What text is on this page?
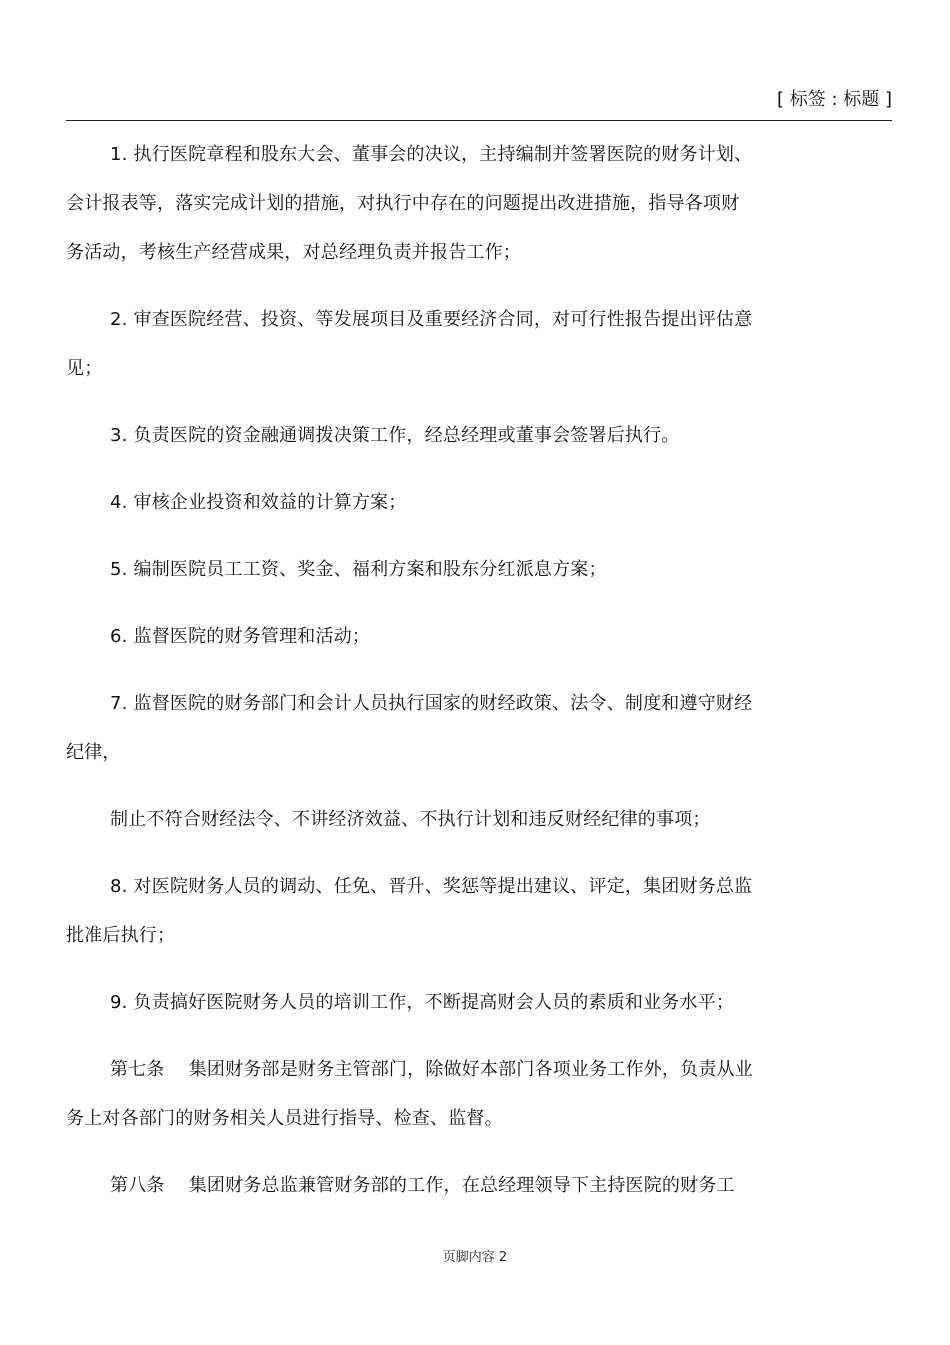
[ 标签 : 标题 ]
1. 执行医院章程和股东大会、董事会的决议，主持编制并签署医院的财务计划、
会计报表等，落实完成计划的措施，对执行中存在的问题提出改进措施，指导各项财
务活动，考核生产经营成果，对总经理负责并报告工作；
2. 审查医院经营、投资、等发展项目及重要经济合同，对可行性报告提出评估意
见；
3. 负责医院的资金融通调拨决策工作，经总经理或董事会签署后执行。
4. 审核企业投资和效益的计算方案；
5. 编制医院员工工资、奖金、福利方案和股东分红派息方案；
6. 监督医院的财务管理和活动；
7. 监督医院的财务部门和会计人员执行国家的财经政策、法令、制度和遵守财经
纪律，
制止不符合财经法令、不讲经济效益、不执行计划和违反财经纪律的事项；
8. 对医院财务人员的调动、任免、晋升、奖惩等提出建议、评定，集团财务总监
批准后执行；
9. 负责搞好医院财务人员的培训工作，不断提高财会人员的素质和业务水平；
第七条　 集团财务部是财务主管部门，除做好本部门各项业务工作外，负责从业
务上对各部门的财务相关人员进行指导、检查、监督。
第八条　 集团财务总监兼管财务部的工作，在总经理领导下主持医院的财务工
页脚内容 2
